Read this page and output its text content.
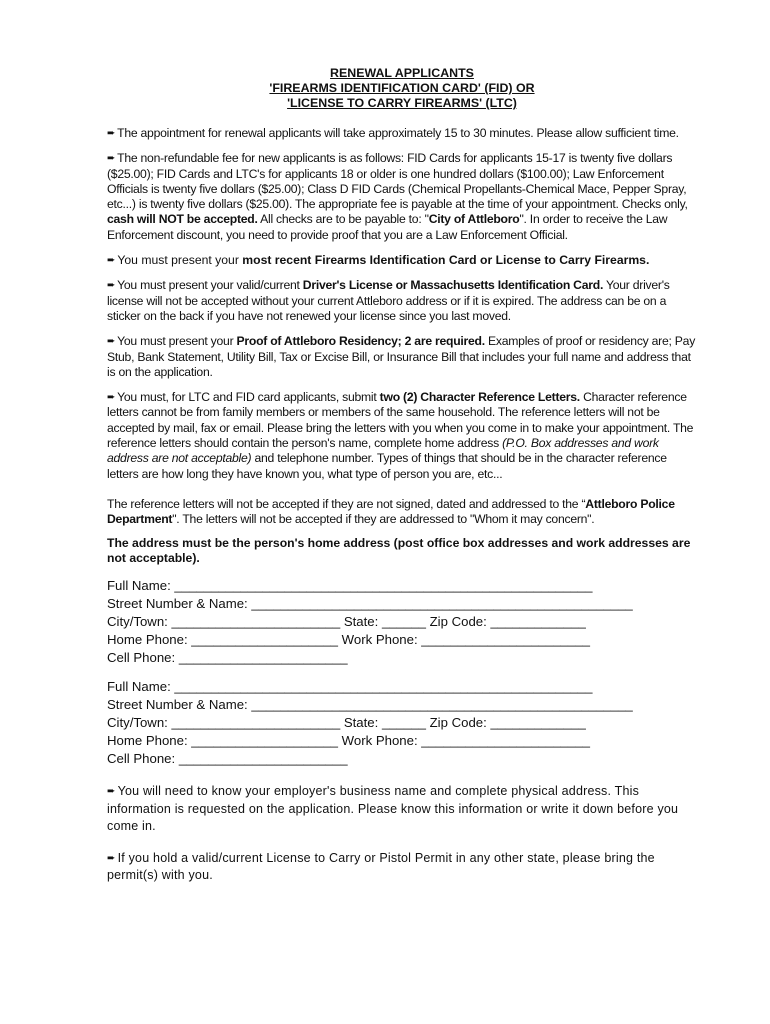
RENEWAL APPLICANTS
'FIREARMS IDENTIFICATION CARD' (FID) OR
'LICENSE TO CARRY FIREARMS' (LTC)

➨ The appointment for renewal applicants will take approximately 15 to 30 minutes. Please allow sufficient time.

➨ The non-refundable fee for new applicants is as follows: FID Cards for applicants 15-17 is twenty five dollars ($25.00); FID Cards and LTC's for applicants 18 or older is one hundred dollars ($100.00); Law Enforcement Officials is twenty five dollars ($25.00); Class D FID Cards (Chemical Propellants-Chemical Mace, Pepper Spray, etc...) is twenty five dollars ($25.00). The appropriate fee is payable at the time of your appointment. Checks only, cash will NOT be accepted. All checks are to be payable to: "City of Attleboro". In order to receive the Law Enforcement discount, you need to provide proof that you are a Law Enforcement Official.

➨ You must present your most recent Firearms Identification Card or License to Carry Firearms.

➨ You must present your valid/current Driver's License or Massachusetts Identification Card. Your driver's license will not be accepted without your current Attleboro address or if it is expired. The address can be on a sticker on the back if you have not renewed your license since you last moved.

➨ You must present your Proof of Attleboro Residency; 2 are required. Examples of proof or residency are; Pay Stub, Bank Statement, Utility Bill, Tax or Excise Bill, or Insurance Bill that includes your full name and address that is on the application.

➨ You must, for LTC and FID card applicants, submit two (2) Character Reference Letters. Character reference letters cannot be from family members or members of the same household. The reference letters will not be accepted by mail, fax or email. Please bring the letters with you when you come in to make your appointment. The reference letters should contain the person's name, complete home address (P.O. Box addresses and work address are not acceptable) and telephone number. Types of things that should be in the character reference letters are how long they have known you, what type of person you are, etc...

The reference letters will not be accepted if they are not signed, dated and addressed to the “Attleboro Police Department". The letters will not be accepted if they are addressed to "Whom it may concern".

The address must be the person's home address (post office box addresses and work addresses are not acceptable).

Full Name: _________________________________________________________
Street Number & Name: ____________________________________________________
City/Town: _______________________ State: ______ Zip Code: _____________
Home Phone: ____________________ Work Phone: _______________________
Cell Phone: _______________________
Full Name: _________________________________________________________
Street Number & Name: ____________________________________________________
City/Town: _______________________ State: ______ Zip Code: _____________
Home Phone: ____________________ Work Phone: _______________________
Cell Phone: _______________________

➨ You will need to know your employer's business name and complete physical address. This information is requested on the application. Please know this information or write it down before you come in.

➨ If you hold a valid/current License to Carry or Pistol Permit in any other state, please bring the permit(s) with you.
